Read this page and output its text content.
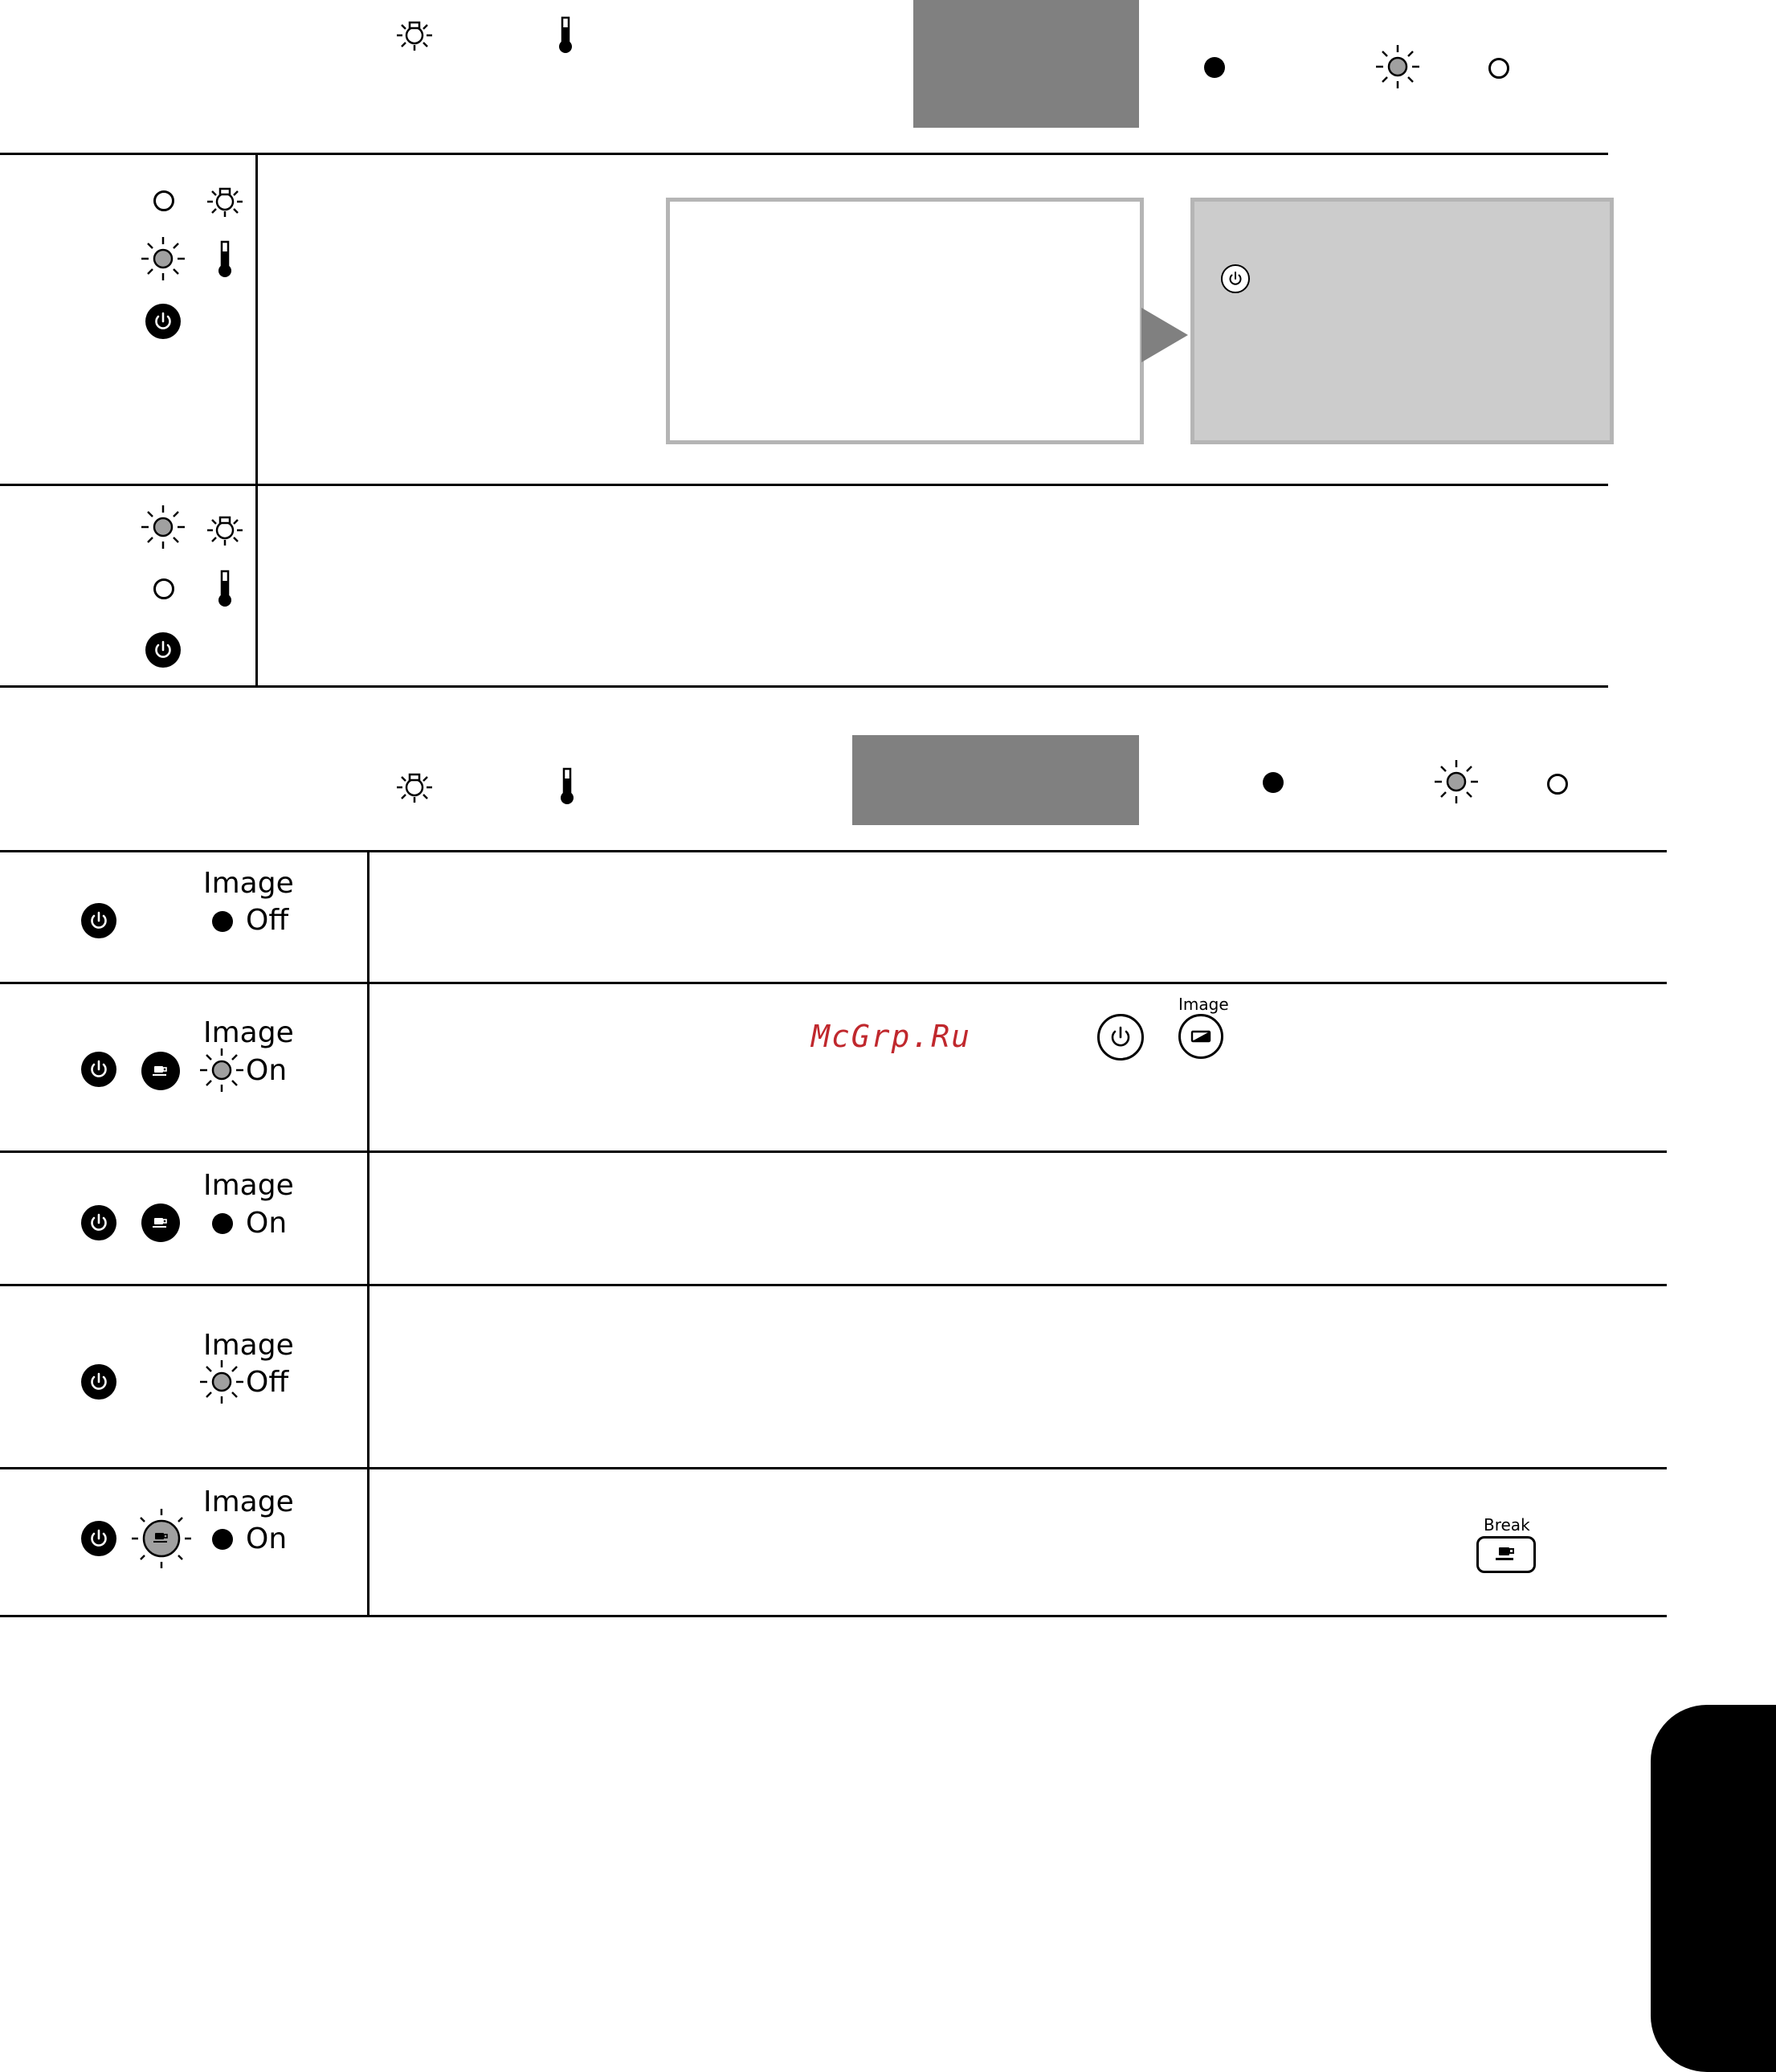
Image
Off
Image
On
McGrp.Ru
Image
Image
On
Image
Off
Image
On	Break
